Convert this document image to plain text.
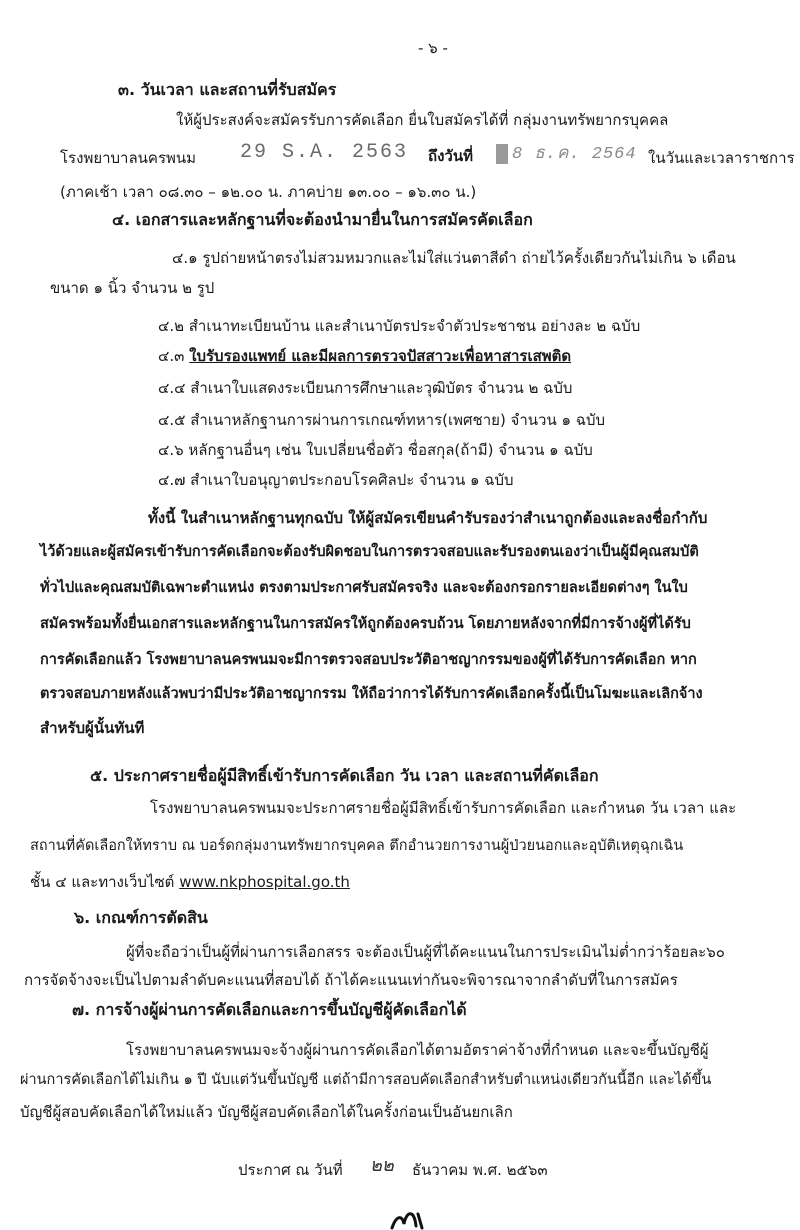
- ๖ -
๓. วันเวลา และสถานที่รับสมัคร
ให้ผู้ประสงค์จะสมัครรับการคัดเลือก ยื่นใบสมัครได้ที่ กลุ่มงานทรัพยากรบุคคล
โรงพยาบาลนครพนม 29 S.A. 2563 ถึงวันที่	8 ธ.ค. 2564 ในวันและเวลาราชการ
(ภาคเช้า เวลา ๐๘.๓๐ – ๑๒.๐๐ น. ภาคบ่าย ๑๓.๐๐ – ๑๖.๓๐ น.)
๔. เอกสารและหลักฐานที่จะต้องนำมายื่นในการสมัครคัดเลือก
๔.๑ รูปถ่ายหน้าตรงไม่สวมหมวกและไม่ใส่แว่นตาสีดำ ถ่ายไว้ครั้งเดียวกันไม่เกิน ๖ เดือน
ขนาด ๑ นิ้ว จำนวน ๒ รูป
๔.๒ สำเนาทะเบียนบ้าน และสำเนาบัตรประจำตัวประชาชน อย่างละ ๒ ฉบับ
๔.๓ ใบรับรองแพทย์ และมีผลการตรวจปัสสาวะเพื่อหาสารเสพติด
๔.๔ สำเนาใบแสดงระเบียนการศึกษาและวุฒิบัตร จำนวน ๒ ฉบับ
๔.๕ สำเนาหลักฐานการผ่านการเกณฑ์ทหาร(เพศชาย) จำนวน ๑ ฉบับ
๔.๖ หลักฐานอื่นๆ เช่น ใบเปลี่ยนชื่อตัว ชื่อสกุล(ถ้ามี) จำนวน ๑ ฉบับ
๔.๗ สำเนาใบอนุญาตประกอบโรคศิลปะ จำนวน ๑ ฉบับ
ทั้งนี้ ในสำเนาหลักฐานทุกฉบับ ให้ผู้สมัครเขียนคำรับรองว่าสำเนาถูกต้องและลงชื่อกำกับ
ไว้ด้วยและผู้สมัครเข้ารับการคัดเลือกจะต้องรับผิดชอบในการตรวจสอบและรับรองตนเองว่าเป็นผู้มีคุณสมบัติ
ทั่วไปและคุณสมบัติเฉพาะตำแหน่ง ตรงตามประกาศรับสมัครจริง และจะต้องกรอกรายละเอียดต่างๆ ในใบ
สมัครพร้อมทั้งยื่นเอกสารและหลักฐานในการสมัครให้ถูกต้องครบถ้วน โดยภายหลังจากที่มีการจ้างผู้ที่ได้รับ
การคัดเลือกแล้ว โรงพยาบาลนครพนมจะมีการตรวจสอบประวัติอาชญากรรมของผู้ที่ได้รับการคัดเลือก หาก
ตรวจสอบภายหลังแล้วพบว่ามีประวัติอาชญากรรม ให้ถือว่าการได้รับการคัดเลือกครั้งนี้เป็นโมฆะและเลิกจ้าง
สำหรับผู้นั้นทันที
๕. ประกาศรายชื่อผู้มีสิทธิ์เข้ารับการคัดเลือก วัน เวลา และสถานที่คัดเลือก
โรงพยาบาลนครพนมจะประกาศรายชื่อผู้มีสิทธิ์เข้ารับการคัดเลือก และกำหนด วัน เวลา และ
สถานที่คัดเลือกให้ทราบ ณ บอร์ดกลุ่มงานทรัพยากรบุคคล ตึกอำนวยการงานผู้ป่วยนอกและอุบัติเหตุฉุกเฉิน
ชั้น ๔ และทางเว็บไซต์ www.nkphospital.go.th
๖. เกณฑ์การตัดสิน
ผู้ที่จะถือว่าเป็นผู้ที่ผ่านการเลือกสรร จะต้องเป็นผู้ที่ได้คะแนนในการประเมินไม่ต่ำกว่าร้อยละ๖๐
การจัดจ้างจะเป็นไปตามลำดับคะแนนที่สอบได้ ถ้าได้คะแนนเท่ากันจะพิจารณาจากลำดับที่ในการสมัคร
๗. การจ้างผู้ผ่านการคัดเลือกและการขึ้นบัญชีผู้คัดเลือกได้
โรงพยาบาลนครพนมจะจ้างผู้ผ่านการคัดเลือกได้ตามอัตราค่าจ้างที่กำหนด และจะขึ้นบัญชีผู้
ผ่านการคัดเลือกได้ไม่เกิน ๑ ปี นับแต่วันขึ้นบัญชี แต่ถ้ามีการสอบคัดเลือกสำหรับตำแหน่งเดียวกันนี้อีก และได้ขึ้น
บัญชีผู้สอบคัดเลือกได้ใหม่แล้ว บัญชีผู้สอบคัดเลือกได้ในครั้งก่อนเป็นอันยกเลิก
ประกาศ ณ วันที่ ๒๒ ธันวาคม พ.ศ. ๒๕๖๓
